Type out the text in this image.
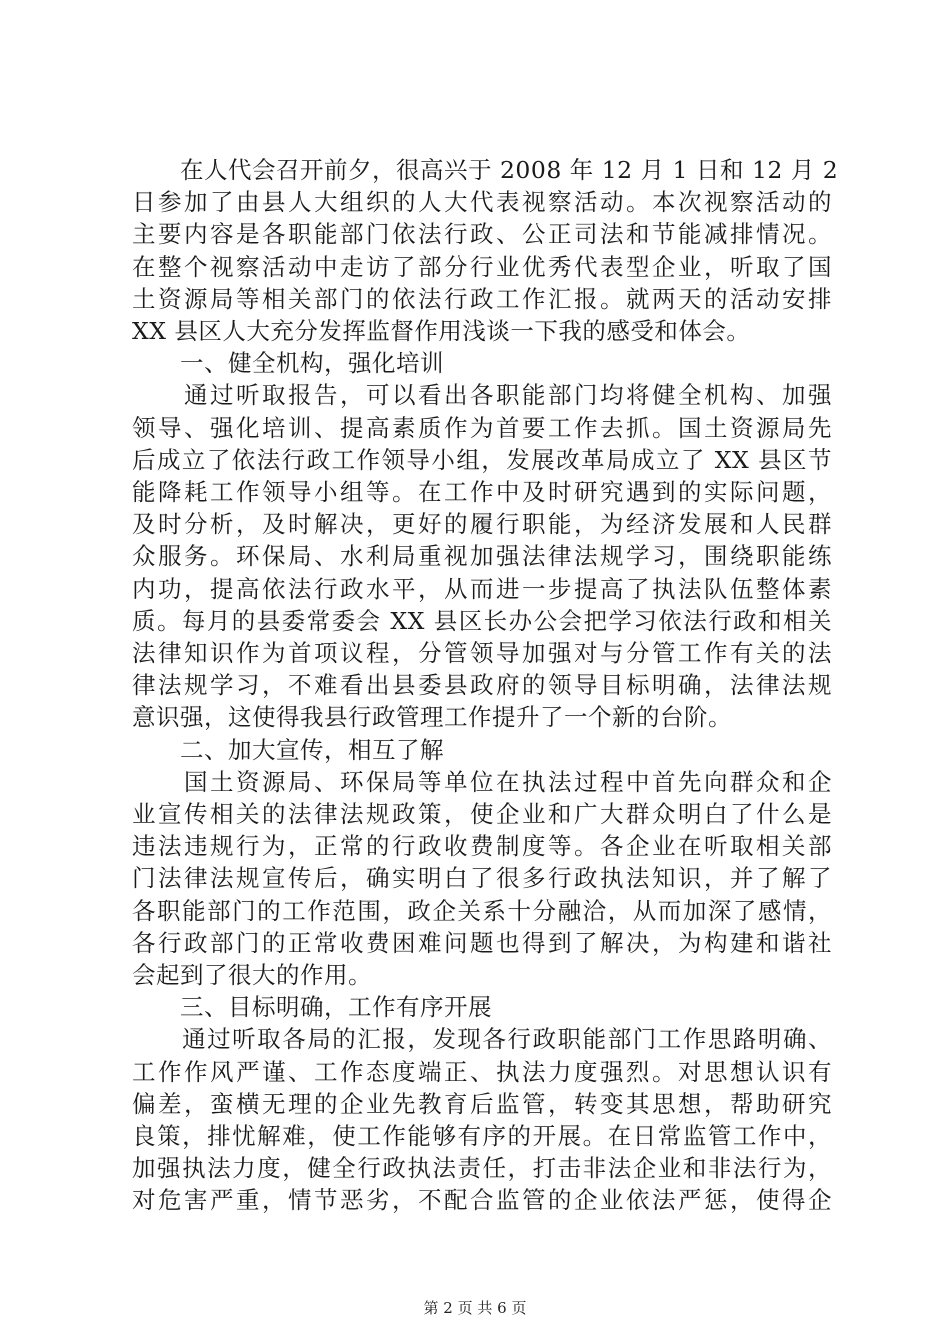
　　在人代会召开前夕，很高兴于 2008 年 12 月 1 日和 12 月 2

日参加了由县人大组织的人大代表视察活动。本次视察活动的

主要内容是各职能部门依法行政、公正司法和节能减排情况。

在整个视察活动中走访了部分行业优秀代表型企业，听取了国

土资源局等相关部门的依法行政工作汇报。就两天的活动安排

XX 县区人大充分发挥监督作用浅谈一下我的感受和体会。

　　一、健全机构，强化培训

　　通过听取报告，可以看出各职能部门均将健全机构、加强

领导、强化培训、提高素质作为首要工作去抓。国土资源局先

后成立了依法行政工作领导小组，发展改革局成立了 XX 县区节

能降耗工作领导小组等。在工作中及时研究遇到的实际问题，

及时分析，及时解决，更好的履行职能，为经济发展和人民群

众服务。环保局、水利局重视加强法律法规学习，围绕职能练

内功，提高依法行政水平，从而进一步提高了执法队伍整体素

质。每月的县委常委会 XX 县区长办公会把学习依法行政和相关

法律知识作为首项议程，分管领导加强对与分管工作有关的法

律法规学习，不难看出县委县政府的领导目标明确，法律法规

意识强，这使得我县行政管理工作提升了一个新的台阶。

　　二、加大宣传，相互了解

　　国土资源局、环保局等单位在执法过程中首先向群众和企

业宣传相关的法律法规政策，使企业和广大群众明白了什么是

违法违规行为，正常的行政收费制度等。各企业在听取相关部

门法律法规宣传后，确实明白了很多行政执法知识，并了解了

各职能部门的工作范围，政企关系十分融洽，从而加深了感情，

各行政部门的正常收费困难问题也得到了解决，为构建和谐社

会起到了很大的作用。

　　三、目标明确，工作有序开展

　　通过听取各局的汇报，发现各行政职能部门工作思路明确、

工作作风严谨、工作态度端正、执法力度强烈。对思想认识有

偏差，蛮横无理的企业先教育后监管，转变其思想，帮助研究

良策，排忧解难，使工作能够有序的开展。在日常监管工作中，

加强执法力度，健全行政执法责任，打击非法企业和非法行为，

对危害严重，情节恶劣，不配合监管的企业依法严惩，使得企

第 2 页 共 6 页
